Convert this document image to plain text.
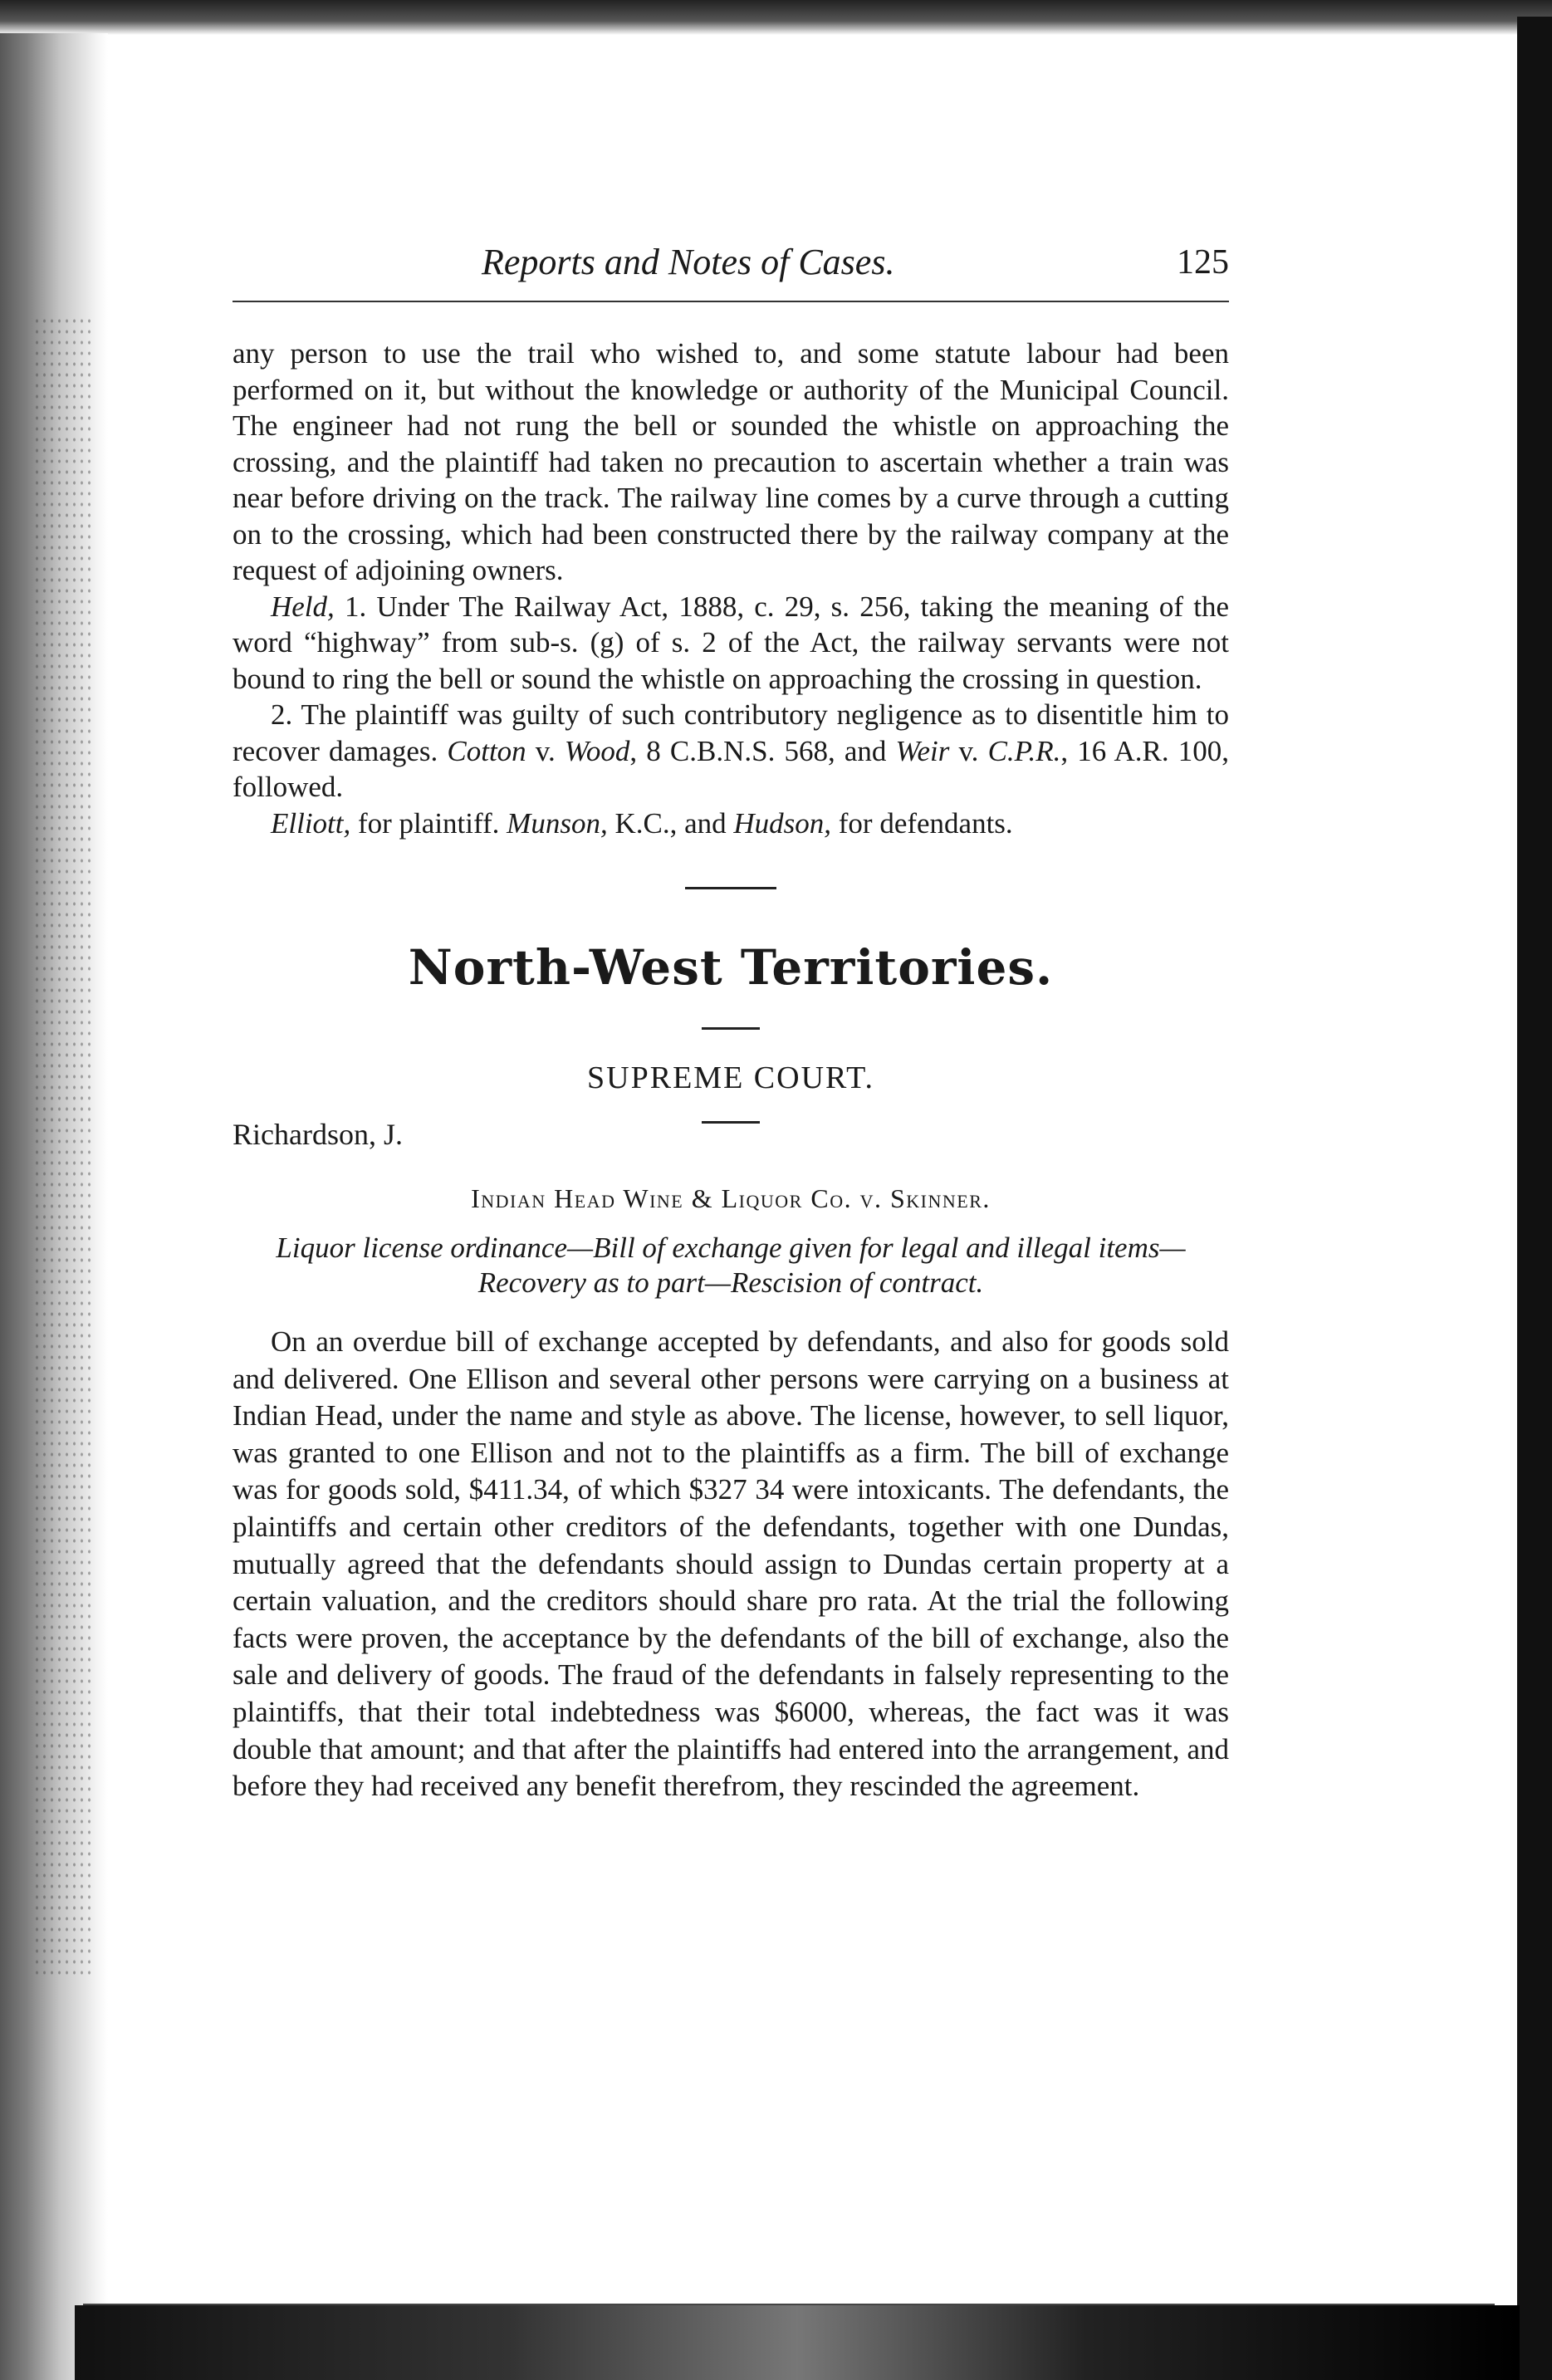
Reports and Notes of Cases.	125

any person to use the trail who wished to, and some statute labour had been performed on it, but without the knowledge or authority of the Municipal Council. The engineer had not rung the bell or sounded the whistle on approaching the crossing, and the plaintiff had taken no precaution to ascertain whether a train was near before driving on the track. The railway line comes by a curve through a cutting on to the crossing, which had been constructed there by the railway company at the request of adjoining owners.

Held, 1. Under The Railway Act, 1888, c. 29, s. 256, taking the meaning of the word “highway” from sub-s. (g) of s. 2 of the Act, the railway servants were not bound to ring the bell or sound the whistle on approaching the crossing in question.

2. The plaintiff was guilty of such contributory negligence as to disentitle him to recover damages. Cotton v. Wood, 8 C.B.N.S. 568, and Weir v. C.P.R., 16 A.R. 100, followed.

Elliott, for plaintiff. Munson, K.C., and Hudson, for defendants.

North-West Territories.
SUPREME COURT.
Richardson, J.
Indian Head Wine & Liquor Co. v. Skinner.
Liquor license ordinance—Bill of exchange given for legal and illegal items—Recovery as to part—Rescision of contract.
On an overdue bill of exchange accepted by defendants, and also for goods sold and delivered. One Ellison and several other persons were carrying on a business at Indian Head, under the name and style as above. The license, however, to sell liquor, was granted to one Ellison and not to the plaintiffs as a firm. The bill of exchange was for goods sold, $411.34, of which $327 34 were intoxicants. The defendants, the plaintiffs and certain other creditors of the defendants, together with one Dundas, mutually agreed that the defendants should assign to Dundas certain property at a certain valuation, and the creditors should share pro rata. At the trial the following facts were proven, the acceptance by the defendants of the bill of exchange, also the sale and delivery of goods. The fraud of the defendants in falsely representing to the plaintiffs, that their total indebtedness was $6000, whereas, the fact was it was double that amount; and that after the plaintiffs had entered into the arrangement, and before they had received any benefit therefrom, they rescinded the agreement.
